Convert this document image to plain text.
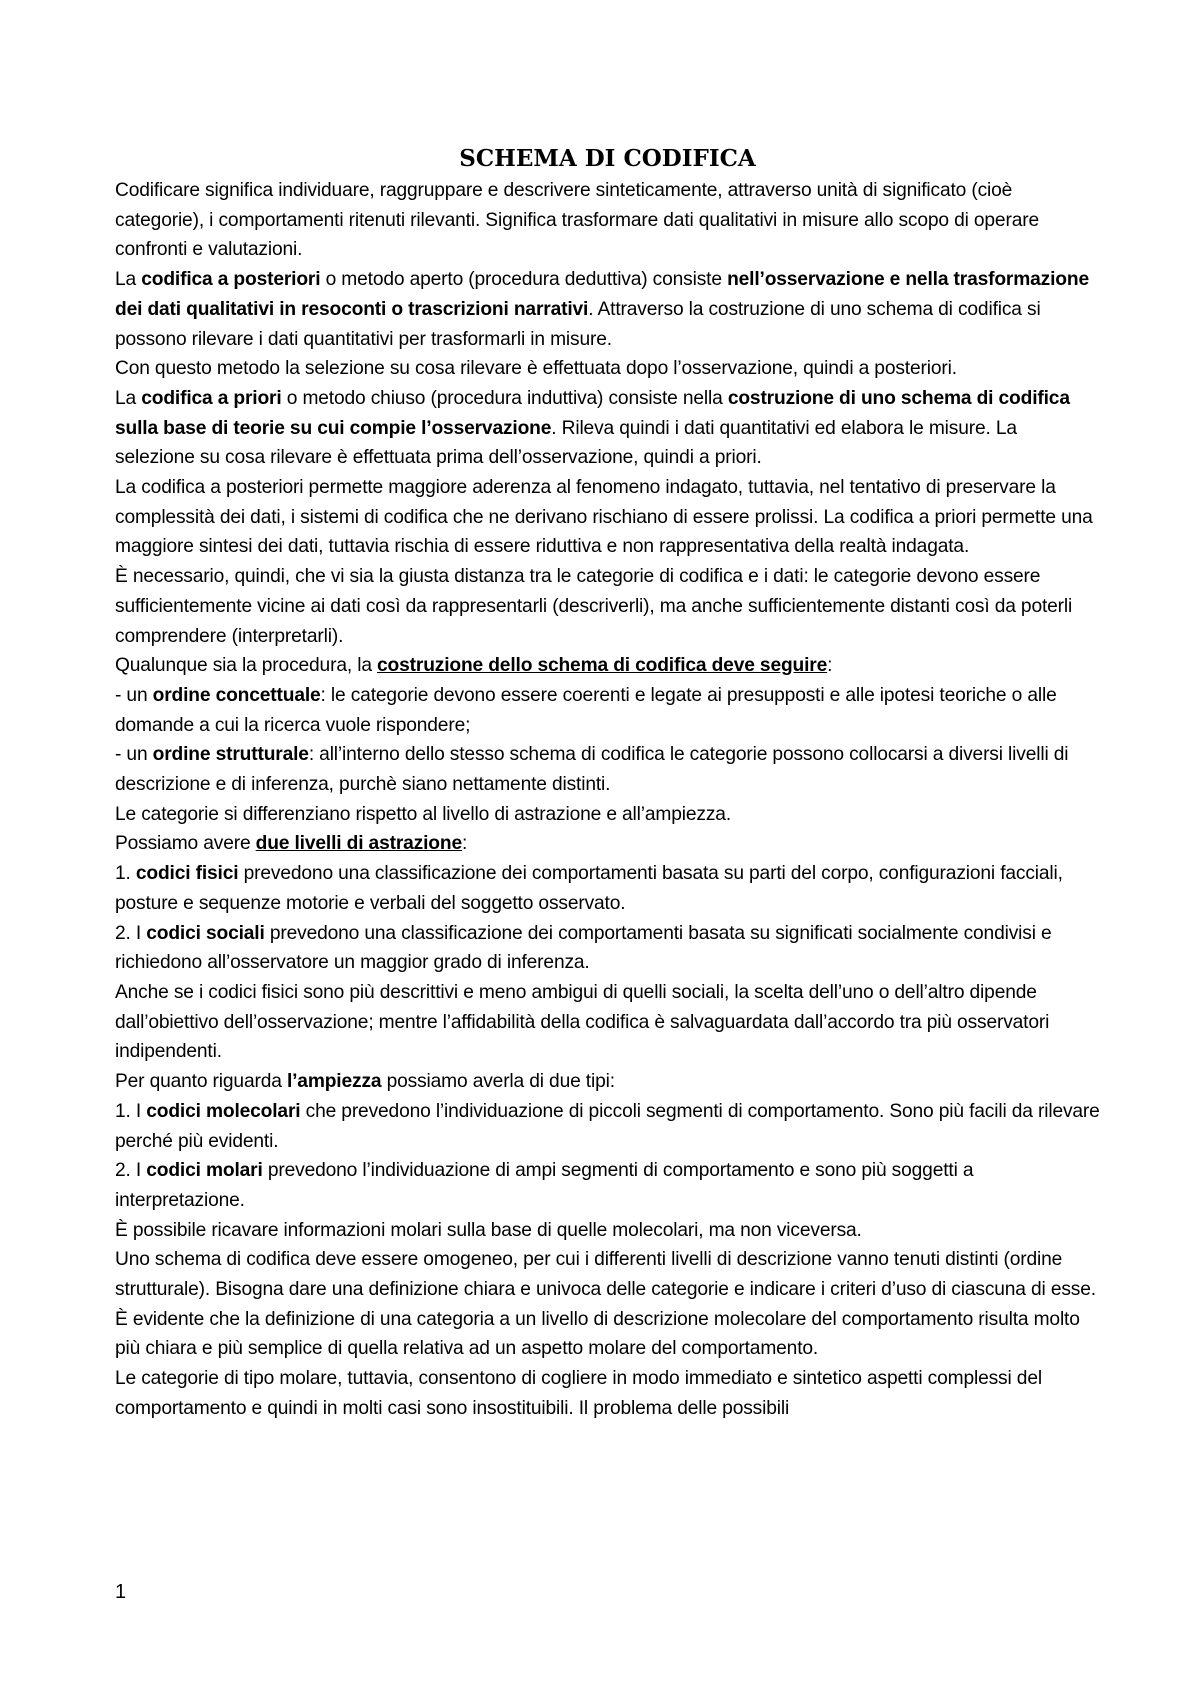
SCHEMA DI CODIFICA

Codificare significa individuare, raggruppare e descrivere sinteticamente, attraverso unità di significato (cioè categorie), i comportamenti ritenuti rilevanti. Significa trasformare dati qualitativi in misure allo scopo di operare confronti e valutazioni.

La codifica a posteriori o metodo aperto (procedura deduttiva) consiste nell’osservazione e nella trasformazione dei dati qualitativi in resoconti o trascrizioni narrativi. Attraverso la costruzione di uno schema di codifica si possono rilevare i dati quantitativi per trasformarli in misure.

Con questo metodo la selezione su cosa rilevare è effettuata dopo l’osservazione, quindi a posteriori.

La codifica a priori o metodo chiuso (procedura induttiva) consiste nella costruzione di uno schema di codifica sulla base di teorie su cui compie l’osservazione. Rileva quindi i dati quantitativi ed elabora le misure. La selezione su cosa rilevare è effettuata prima dell’osservazione, quindi a priori.

La codifica a posteriori permette maggiore aderenza al fenomeno indagato, tuttavia, nel tentativo di preservare la complessità dei dati, i sistemi di codifica che ne derivano rischiano di essere prolissi. La codifica a priori permette una maggiore sintesi dei dati, tuttavia rischia di essere riduttiva e non rappresentativa della realtà indagata.

È necessario, quindi, che vi sia la giusta distanza tra le categorie di codifica e i dati: le categorie devono essere sufficientemente vicine ai dati così da rappresentarli (descriverli), ma anche sufficientemente distanti così da poterli comprendere (interpretarli).

Qualunque sia la procedura, la costruzione dello schema di codifica deve seguire:

- un ordine concettuale: le categorie devono essere coerenti e legate ai presupposti e alle ipotesi teoriche o alle domande a cui la ricerca vuole rispondere;

- un ordine strutturale: all’interno dello stesso schema di codifica le categorie possono collocarsi a diversi livelli di descrizione e di inferenza, purchè siano nettamente distinti.

Le categorie si differenziano rispetto al livello di astrazione e all’ampiezza.

Possiamo avere due livelli di astrazione:

1. codici fisici prevedono una classificazione dei comportamenti basata su parti del corpo, configurazioni facciali, posture e sequenze motorie e verbali del soggetto osservato.

2. I codici sociali prevedono una classificazione dei comportamenti basata su significati socialmente condivisi e richiedono all’osservatore un maggior grado di inferenza.

Anche se i codici fisici sono più descrittivi e meno ambigui di quelli sociali, la scelta dell’uno o dell’altro dipende dall’obiettivo dell’osservazione; mentre l’affidabilità della codifica è salvaguardata dall’accordo tra più osservatori indipendenti.

Per quanto riguarda l’ampiezza possiamo averla di due tipi:

1. I codici molecolari che prevedono l’individuazione di piccoli segmenti di comportamento. Sono più facili da rilevare perché più evidenti.

2. I codici molari prevedono l’individuazione di ampi segmenti di comportamento e sono più soggetti a interpretazione.

È possibile ricavare informazioni molari sulla base di quelle molecolari, ma non viceversa.

Uno schema di codifica deve essere omogeneo, per cui i differenti livelli di descrizione vanno tenuti distinti (ordine strutturale). Bisogna dare una definizione chiara e univoca delle categorie e indicare i criteri d’uso di ciascuna di esse. È evidente che la definizione di una categoria a un livello di descrizione molecolare del comportamento risulta molto più chiara e più semplice di quella relativa ad un aspetto molare del comportamento.

Le categorie di tipo molare, tuttavia, consentono di cogliere in modo immediato e sintetico aspetti complessi del comportamento e quindi in molti casi sono insostituibili. Il problema delle possibili

1
